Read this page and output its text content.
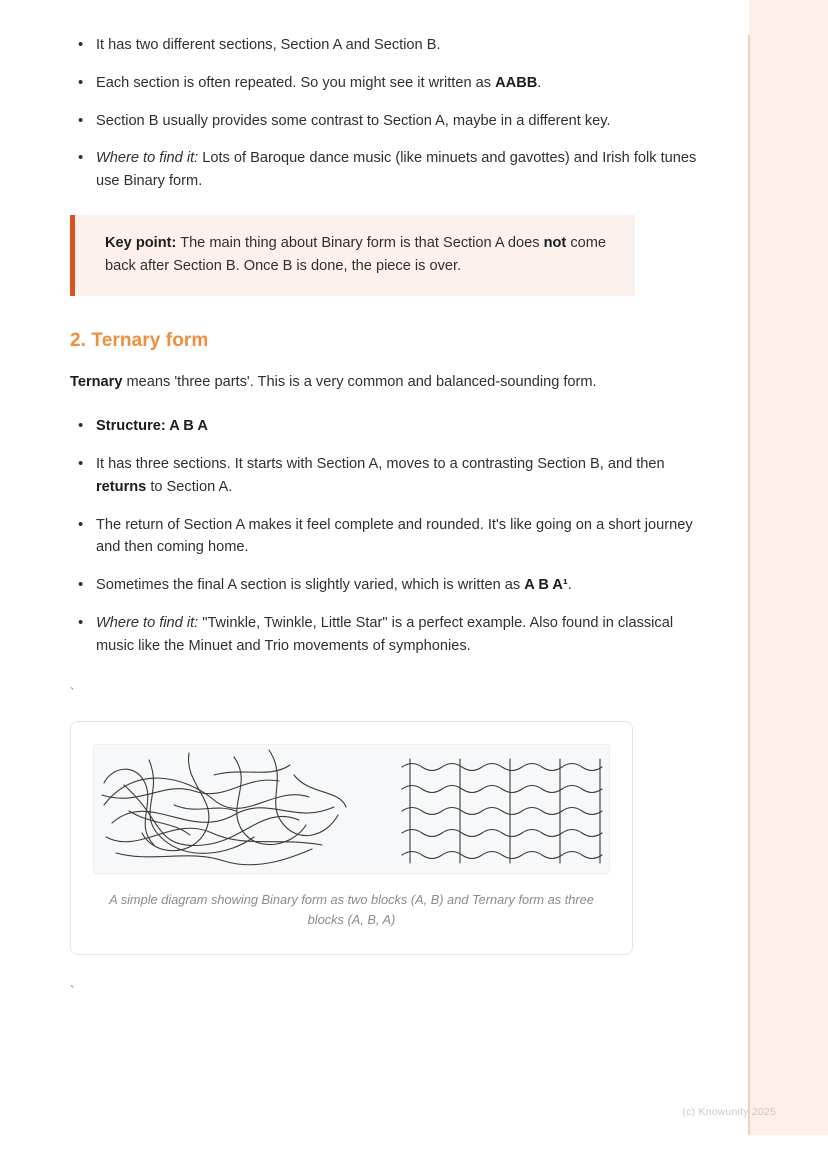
• It has two different sections, Section A and Section B.
• Each section is often repeated. So you might see it written as AABB.
• Section B usually provides some contrast to Section A, maybe in a different key.
• Where to find it: Lots of Baroque dance music (like minuets and gavottes) and Irish folk tunes use Binary form.
Key point: The main thing about Binary form is that Section A does not come back after Section B. Once B is done, the piece is over.
2. Ternary form

Ternary means 'three parts'. This is a very common and balanced-sounding form.

• Structure: A B A
• It has three sections. It starts with Section A, moves to a contrasting Section B, and then returns to Section A.
• The return of Section A makes it feel complete and rounded. It's like going on a short journey and then coming home.
• Sometimes the final A section is slightly varied, which is written as A B A¹.
• Where to find it: "Twinkle, Twinkle, Little Star" is a perfect example. Also found in classical music like the Minuet and Trio movements of symphonies.
`
A simple diagram showing Binary form as two blocks (A, B) and Ternary form as three blocks (A, B, A)
`
(c) Knowunity 2025
